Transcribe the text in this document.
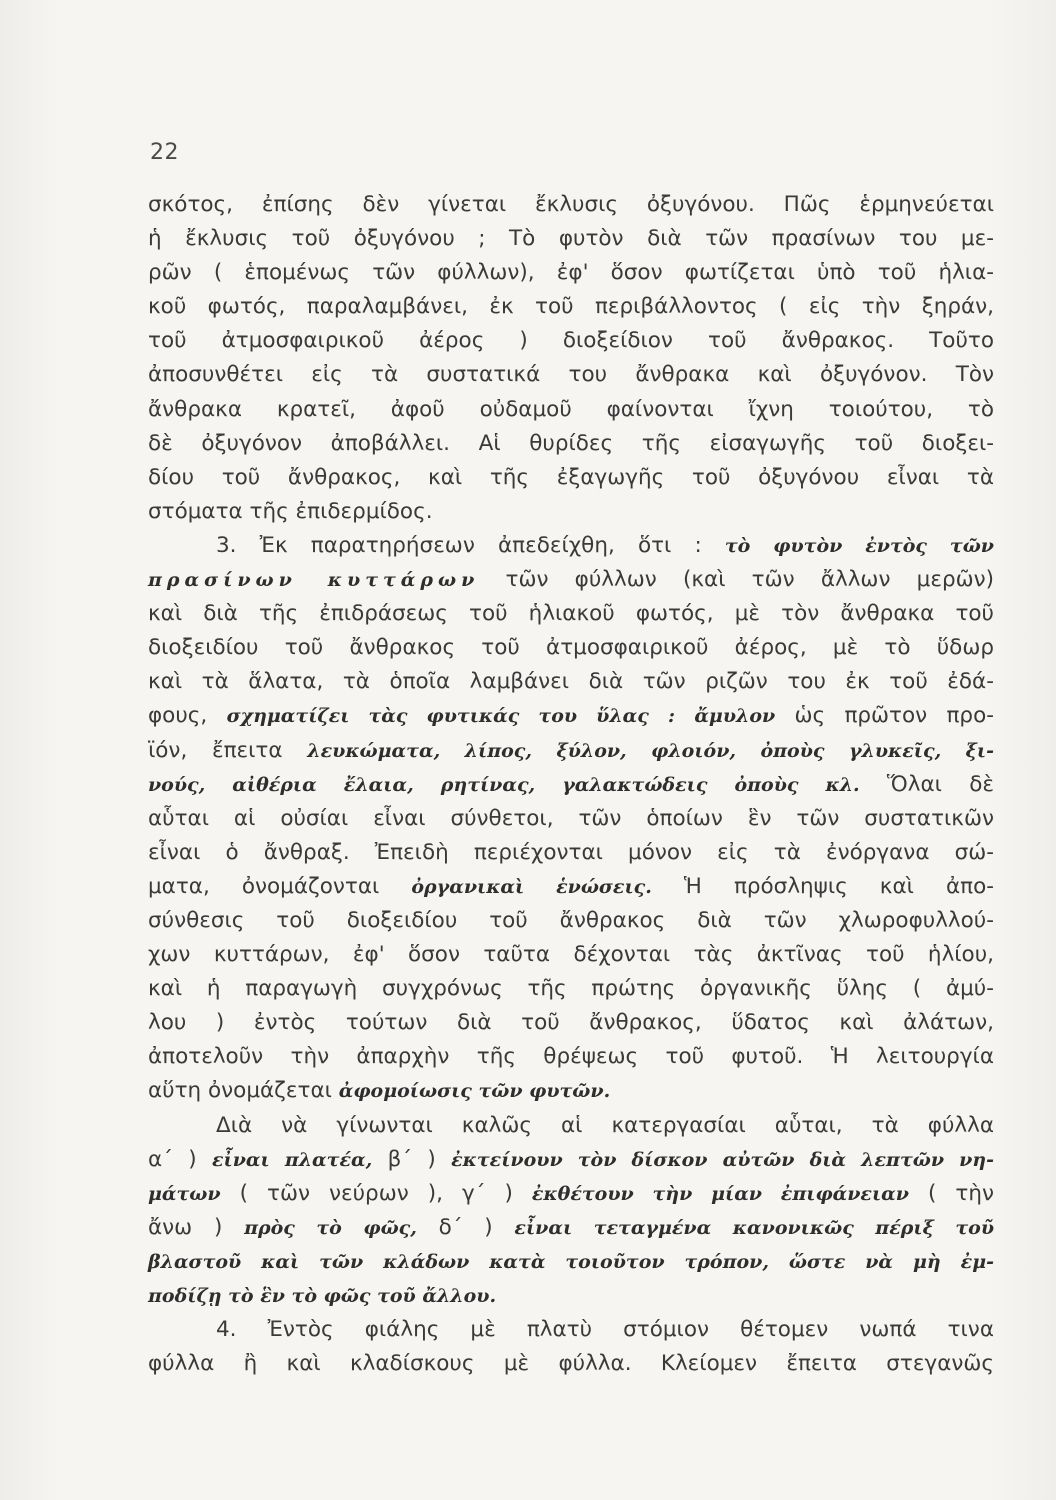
22
σκότος, ἐπίσης δὲν γίνεται ἔκλυσις ὀξυγόνου. Πῶς ἑρμηνεύεται
ἡ ἔκλυσις τοῦ ὀξυγόνου ; Τὸ φυτὸν διὰ τῶν πρασίνων του με-
ρῶν ( ἑπομένως τῶν φύλλων), ἐφ' ὅσον φωτίζεται ὑπὸ τοῦ ἡλια-
κοῦ φωτός, παραλαμβάνει, ἐκ τοῦ περιβάλλοντος ( εἰς τὴν ξηράν,
τοῦ ἀτμοσφαιρικοῦ ἀέρος ) διοξείδιον τοῦ ἄνθρακος. Τοῦτο
ἀποσυνθέτει εἰς τὰ συστατικά του ἄνθρακα καὶ ὀξυγόνον. Τὸν
ἄνθρακα κρατεῖ, ἀφοῦ οὐδαμοῦ φαίνονται ἴχνη τοιούτου, τὸ
δὲ ὀξυγόνον ἀποβάλλει. Αἱ θυρίδες τῆς εἰσαγωγῆς τοῦ διοξει-
δίου τοῦ ἄνθρακος, καὶ τῆς ἐξαγωγῆς τοῦ ὀξυγόνου εἶναι τὰ
στόματα τῆς ἐπιδερμίδος.
3. Ἐκ παρατηρήσεων ἀπεδείχθη, ὅτι : τὸ φυτὸν ἐντὸς τῶν
πρασίνων κυττάρων τῶν φύλλων (καὶ τῶν ἄλλων μερῶν)
καὶ διὰ τῆς ἐπιδράσεως τοῦ ἡλιακοῦ φωτός, μὲ τὸν ἄνθρακα τοῦ
διοξειδίου τοῦ ἄνθρακος τοῦ ἀτμοσφαιρικοῦ ἀέρος, μὲ τὸ ὕδωρ
καὶ τὰ ἅλατα, τὰ ὁποῖα λαμβάνει διὰ τῶν ριζῶν του ἐκ τοῦ ἐδά-
φους, σχηματίζει τὰς φυτικάς του ὕλας : ἄμυλον ὡς πρῶτον προ-
ϊόν, ἔπειτα λευκώματα, λίπος, ξύλον, φλοιόν, ὀποὺς γλυκεῖς, ξι-
νούς, αἰθέρια ἔλαια, ρητίνας, γαλακτώδεις ὀποὺς κλ. Ὅλαι δὲ
αὗται αἱ οὐσίαι εἶναι σύνθετοι, τῶν ὁποίων ἓν τῶν συστατικῶν
εἶναι ὁ ἄνθραξ. Ἐπειδὴ περιέχονται μόνον εἰς τὰ ἐνόργανα σώ-
ματα, ὀνομάζονται ὀργανικαὶ ἑνώσεις. Ἡ πρόσληψις καὶ ἀπο-
σύνθεσις τοῦ διοξειδίου τοῦ ἄνθρακος διὰ τῶν χλωροφυλλού-
χων κυττάρων, ἐφ' ὅσον ταῦτα δέχονται τὰς ἀκτῖνας τοῦ ἡλίου,
καὶ ἡ παραγωγὴ συγχρόνως τῆς πρώτης ὀργανικῆς ὕλης ( ἀμύ-
λου ) ἐντὸς τούτων διὰ τοῦ ἄνθρακος, ὕδατος καὶ ἀλάτων,
ἀποτελοῦν τὴν ἀπαρχὴν τῆς θρέψεως τοῦ φυτοῦ. Ἡ λειτουργία
αὕτη ὀνομάζεται ἀφομοίωσις τῶν φυτῶν.
Διὰ νὰ γίνωνται καλῶς αἱ κατεργασίαι αὗται, τὰ φύλλα
α΄ ) εἶναι πλατέα, β΄ ) ἐκτείνουν τὸν δίσκον αὐτῶν διὰ λεπτῶν νη-
μάτων ( τῶν νεύρων ), γ΄ ) ἐκθέτουν τὴν μίαν ἐπιφάνειαν ( τὴν
ἄνω ) πρὸς τὸ φῶς, δ΄ ) εἶναι τεταγμένα κανονικῶς πέριξ τοῦ
βλαστοῦ καὶ τῶν κλάδων κατὰ τοιοῦτον τρόπον, ὥστε νὰ μὴ ἐμ-
ποδίζῃ τὸ ἓν τὸ φῶς τοῦ ἄλλου.
4. Ἐντὸς φιάλης μὲ πλατὺ στόμιον θέτομεν νωπά τινα
φύλλα ἢ καὶ κλαδίσκους μὲ φύλλα. Κλείομεν ἔπειτα στεγανῶς
